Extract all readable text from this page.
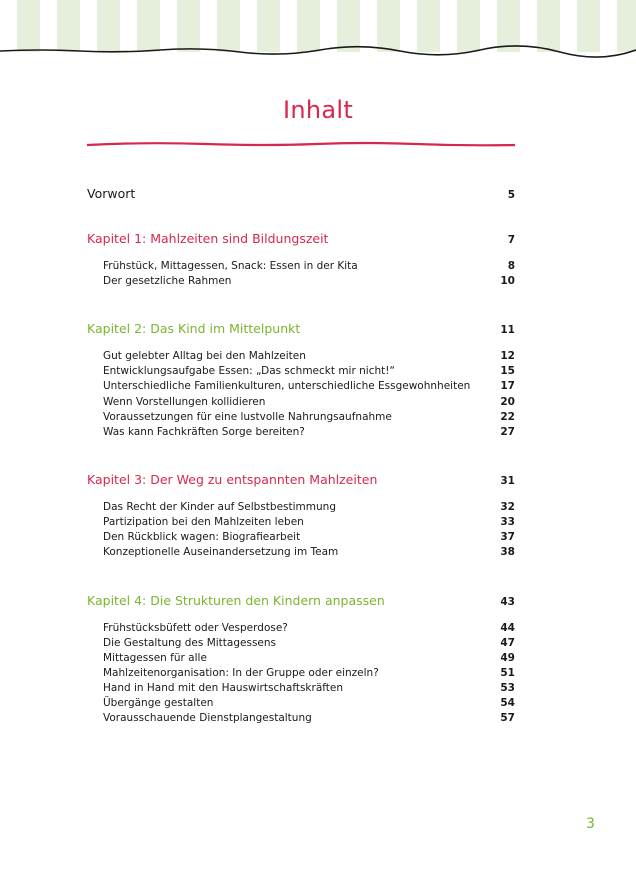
Inhalt
Vorwort	5
Kapitel 1: Mahlzeiten sind Bildungszeit	7
Frühstück, Mittagessen, Snack: Essen in der Kita	8
Der gesetzliche Rahmen	10
Kapitel 2: Das Kind im Mittelpunkt	11
Gut gelebter Alltag bei den Mahlzeiten	12
Entwicklungsaufgabe Essen: „Das schmeckt mir nicht!“	15
Unterschiedliche Familienkulturen, unterschiedliche Essgewohnheiten	17
Wenn Vorstellungen kollidieren	20
Voraussetzungen für eine lustvolle Nahrungsaufnahme	22
Was kann Fachkräften Sorge bereiten?	27
Kapitel 3: Der Weg zu entspannten Mahlzeiten	31
Das Recht der Kinder auf Selbstbestimmung	32
Partizipation bei den Mahlzeiten leben	33
Den Rückblick wagen: Biografiearbeit	37
Konzeptionelle Auseinandersetzung im Team	38
Kapitel 4: Die Strukturen den Kindern anpassen	43
Frühstücksbüfett oder Vesperdose?	44
Die Gestaltung des Mittagessens	47
Mittagessen für alle	49
Mahlzeitenorganisation: In der Gruppe oder einzeln?	51
Hand in Hand mit den Hauswirtschaftskräften	53
Übergänge gestalten	54
Vorausschauende Dienstplangestaltung	57
3
